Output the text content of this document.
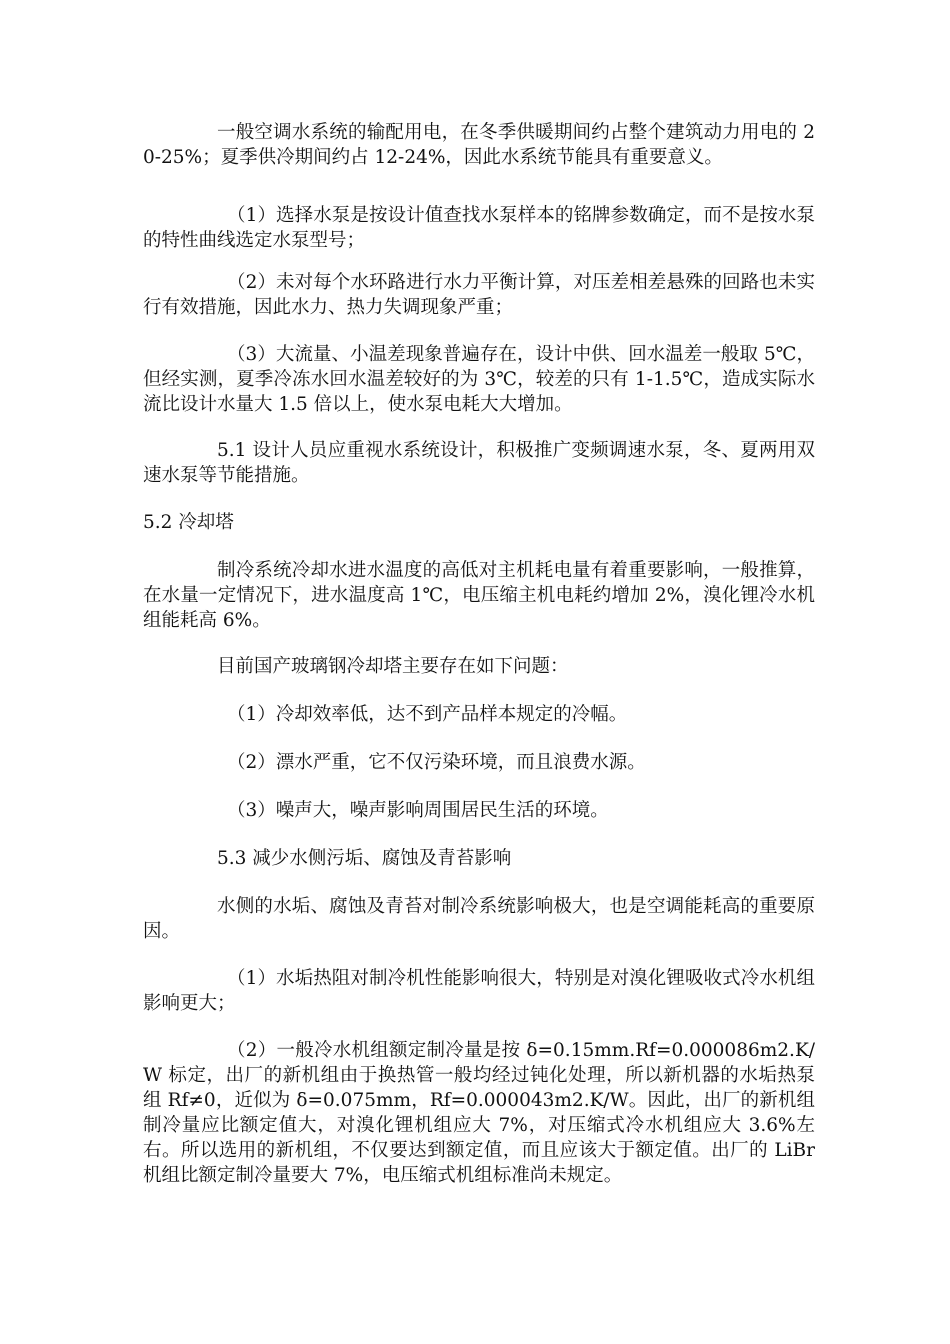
一般空调水系统的输配用电，在冬季供暖期间约占整个建筑动力用电的 20-25%；夏季供冷期间约占 12-24%，因此水系统节能具有重要意义。

（1）选择水泵是按设计值查找水泵样本的铭牌参数确定，而不是按水泵的特性曲线选定水泵型号；

（2）未对每个水环路进行水力平衡计算，对压差相差悬殊的回路也未实行有效措施，因此水力、热力失调现象严重；

（3）大流量、小温差现象普遍存在，设计中供、回水温差一般取 5℃，但经实测，夏季冷冻水回水温差较好的为 3℃，较差的只有 1-1.5℃，造成实际水流比设计水量大 1.5 倍以上，使水泵电耗大大增加。

5.1 设计人员应重视水系统设计，积极推广变频调速水泵，冬、夏两用双速水泵等节能措施。

5.2 冷却塔

制冷系统冷却水进水温度的高低对主机耗电量有着重要影响，一般推算，在水量一定情况下，进水温度高 1℃，电压缩主机电耗约增加 2%，溴化锂冷水机组能耗高 6%。

目前国产玻璃钢冷却塔主要存在如下问题：

（1）冷却效率低，达不到产品样本规定的冷幅。

（2）漂水严重，它不仅污染环境，而且浪费水源。

（3）噪声大，噪声影响周围居民生活的环境。

5.3 减少水侧污垢、腐蚀及青苔影响

水侧的水垢、腐蚀及青苔对制冷系统影响极大，也是空调能耗高的重要原因。

（1）水垢热阻对制冷机性能影响很大，特别是对溴化锂吸收式冷水机组影响更大；

（2）一般冷水机组额定制冷量是按 δ=0.15mm.Rf=0.000086m2.K/W 标定，出厂的新机组由于换热管一般均经过钝化处理，所以新机器的水垢热泵组 Rf≠0，近似为 δ=0.075mm，Rf=0.000043m2.K/W。因此，出厂的新机组制冷量应比额定值大，对溴化锂机组应大 7%，对压缩式冷水机组应大 3.6%左右。所以选用的新机组，不仅要达到额定值，而且应该大于额定值。出厂的 LiBr 机组比额定制冷量要大 7%，电压缩式机组标准尚未规定。
